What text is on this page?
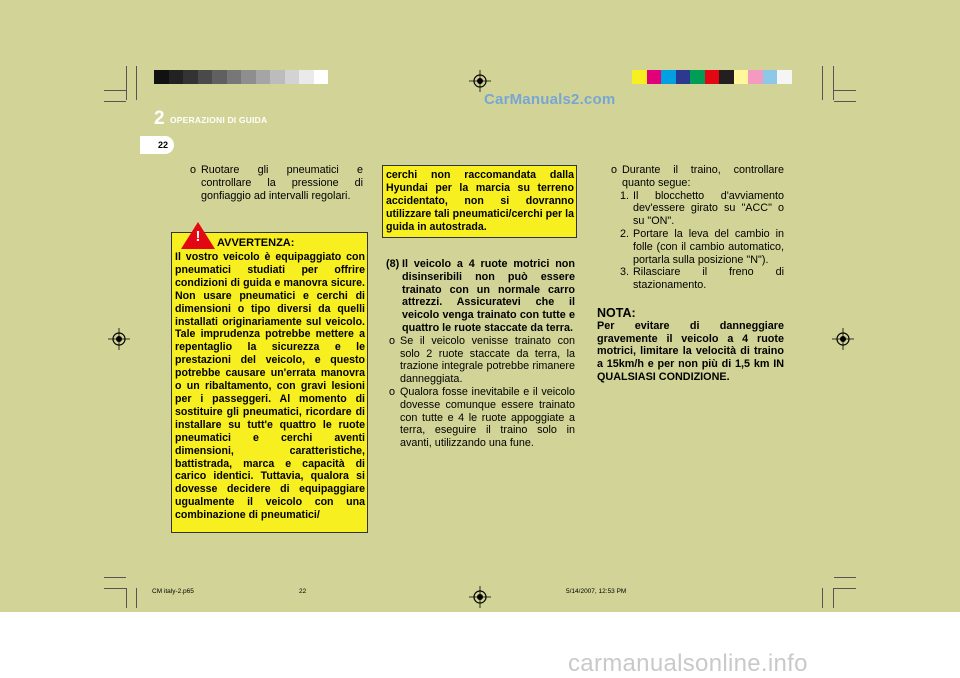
2 OPERAZIONI DI GUIDA
22
CarManuals2.com
o Ruotare gli pneumatici e controllare la pressione di gonfiaggio ad intervalli regolari.
AVVERTENZA:
Il vostro veicolo è equipaggiato con pneumatici studiati per offrire condizioni di guida e manovra sicure. Non usare pneumatici e cerchi di dimensioni o tipo diversi da quelli installati originariamente sul veicolo. Tale imprudenza potrebbe mettere a repentaglio la sicurezza e le prestazioni del veicolo, e questo potrebbe causare un'errata manovra o un ribaltamento, con gravi lesioni per i passeggeri. Al momento di sostituire gli pneumatici, ricordare di installare su tutt'e quattro le ruote pneumatici e cerchi aventi dimensioni, caratteristiche, battistrada, marca e capacità di carico identici. Tuttavia, qualora si dovesse decidere di equipaggiare ugualmente il veicolo con una combinazione di pneumatici/
!
cerchi non raccomandata dalla Hyundai per la marcia su terreno accidentato, non si dovranno utilizzare tali pneumatici/cerchi per la guida in autostrada.
(8) Il veicolo a 4 ruote motrici non disinseribili non può essere trainato con un normale carro attrezzi. Assicuratevi che il veicolo venga trainato con tutte e quattro le ruote staccate da terra.
o Se il veicolo venisse trainato con solo 2 ruote staccate da terra, la trazione integrale potrebbe rimanere danneggiata.
o Qualora fosse inevitabile e il veicolo dovesse comunque essere trainato con tutte e 4 le ruote appoggiate a terra, eseguire il traino solo in avanti, utilizzando una fune.
o Durante il traino, controllare quanto segue:
1. Il blocchetto d'avviamento dev'essere girato su "ACC" o su "ON".
2. Portare la leva del cambio in folle (con il cambio automatico, portarla sulla posizione "N").
3. Rilasciare il freno di stazionamento.
NOTA:
Per evitare di danneggiare gravemente il veicolo a 4 ruote motrici, limitare la velocità di traino a 15km/h e per non più di 1,5 km IN QUALSIASI CONDIZIONE.
CM italy-2.p65	22	5/14/2007, 12:53 PM
carmanualsonline.info
